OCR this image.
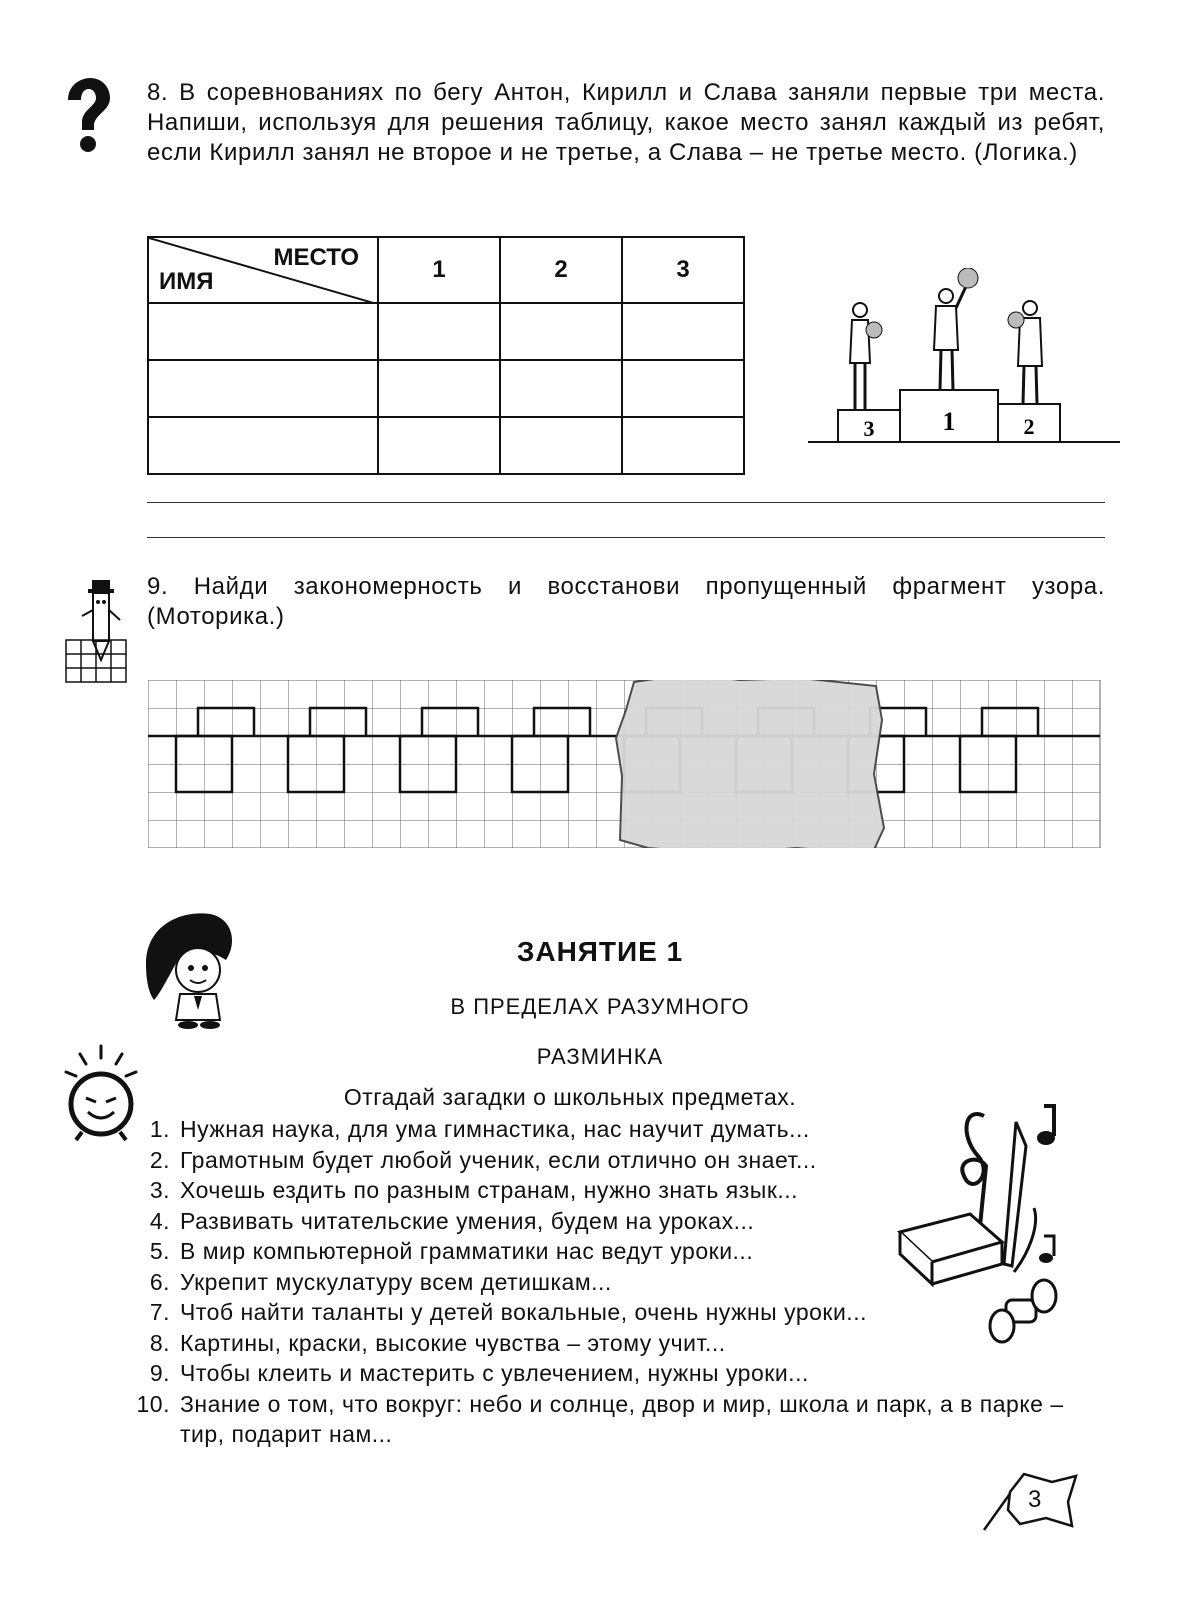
8. В соревнованиях по бегу Антон, Кирилл и Слава заняли первые три места. Напиши, используя для решения таблицу, какое место занял каждый из ребят, если Кирилл занял не второе и не третье, а Слава – не третье место. (Логика.)
МЕСТО
ИМЯ	1	2	3

3	1	2
9. Найди закономерность и восстанови пропущенный фрагмент узора. (Моторика.)
ЗАНЯТИЕ 1
В ПРЕДЕЛАХ РАЗУМНОГО
РАЗМИНКА
Отгадай загадки о школьных предметах.
1. Нужная наука, для ума гимнастика, нас научит думать...
2. Грамотным будет любой ученик, если отлично он знает...
3. Хочешь ездить по разным странам, нужно знать язык...
4. Развивать читательские умения, будем на уроках...
5. В мир компьютерной грамматики нас ведут уроки...
6. Укрепит мускулатуру всем детишкам...
7. Чтоб найти таланты у детей вокальные, очень нужны уроки...
8. Картины, краски, высокие чувства – этому учит...
9. Чтобы клеить и мастерить с увлечением, нужны уроки...
10. Знание о том, что вокруг: небо и солнце, двор и мир, школа и парк, а в парке – тир, подарит нам...
3
